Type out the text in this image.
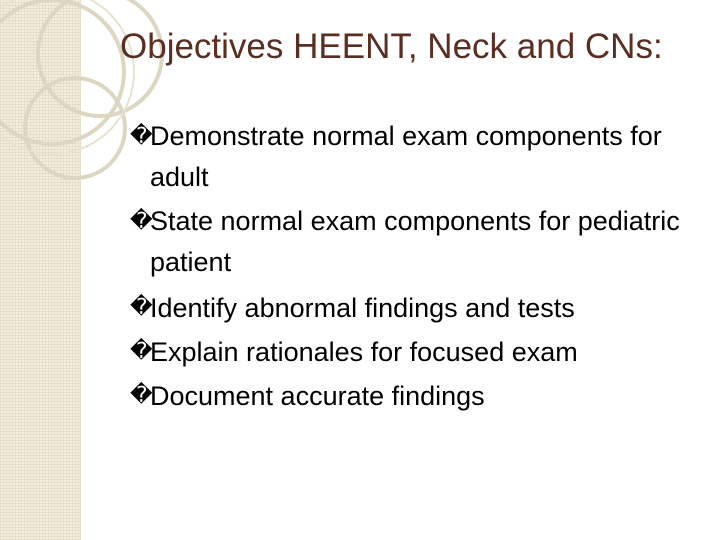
Objectives HEENT, Neck and CNs:
�
Demonstrate normal exam components for adult
�
State normal exam components for pediatric patient
�
Identify abnormal findings and tests
�
Explain rationales for focused exam
�
Document accurate findings
